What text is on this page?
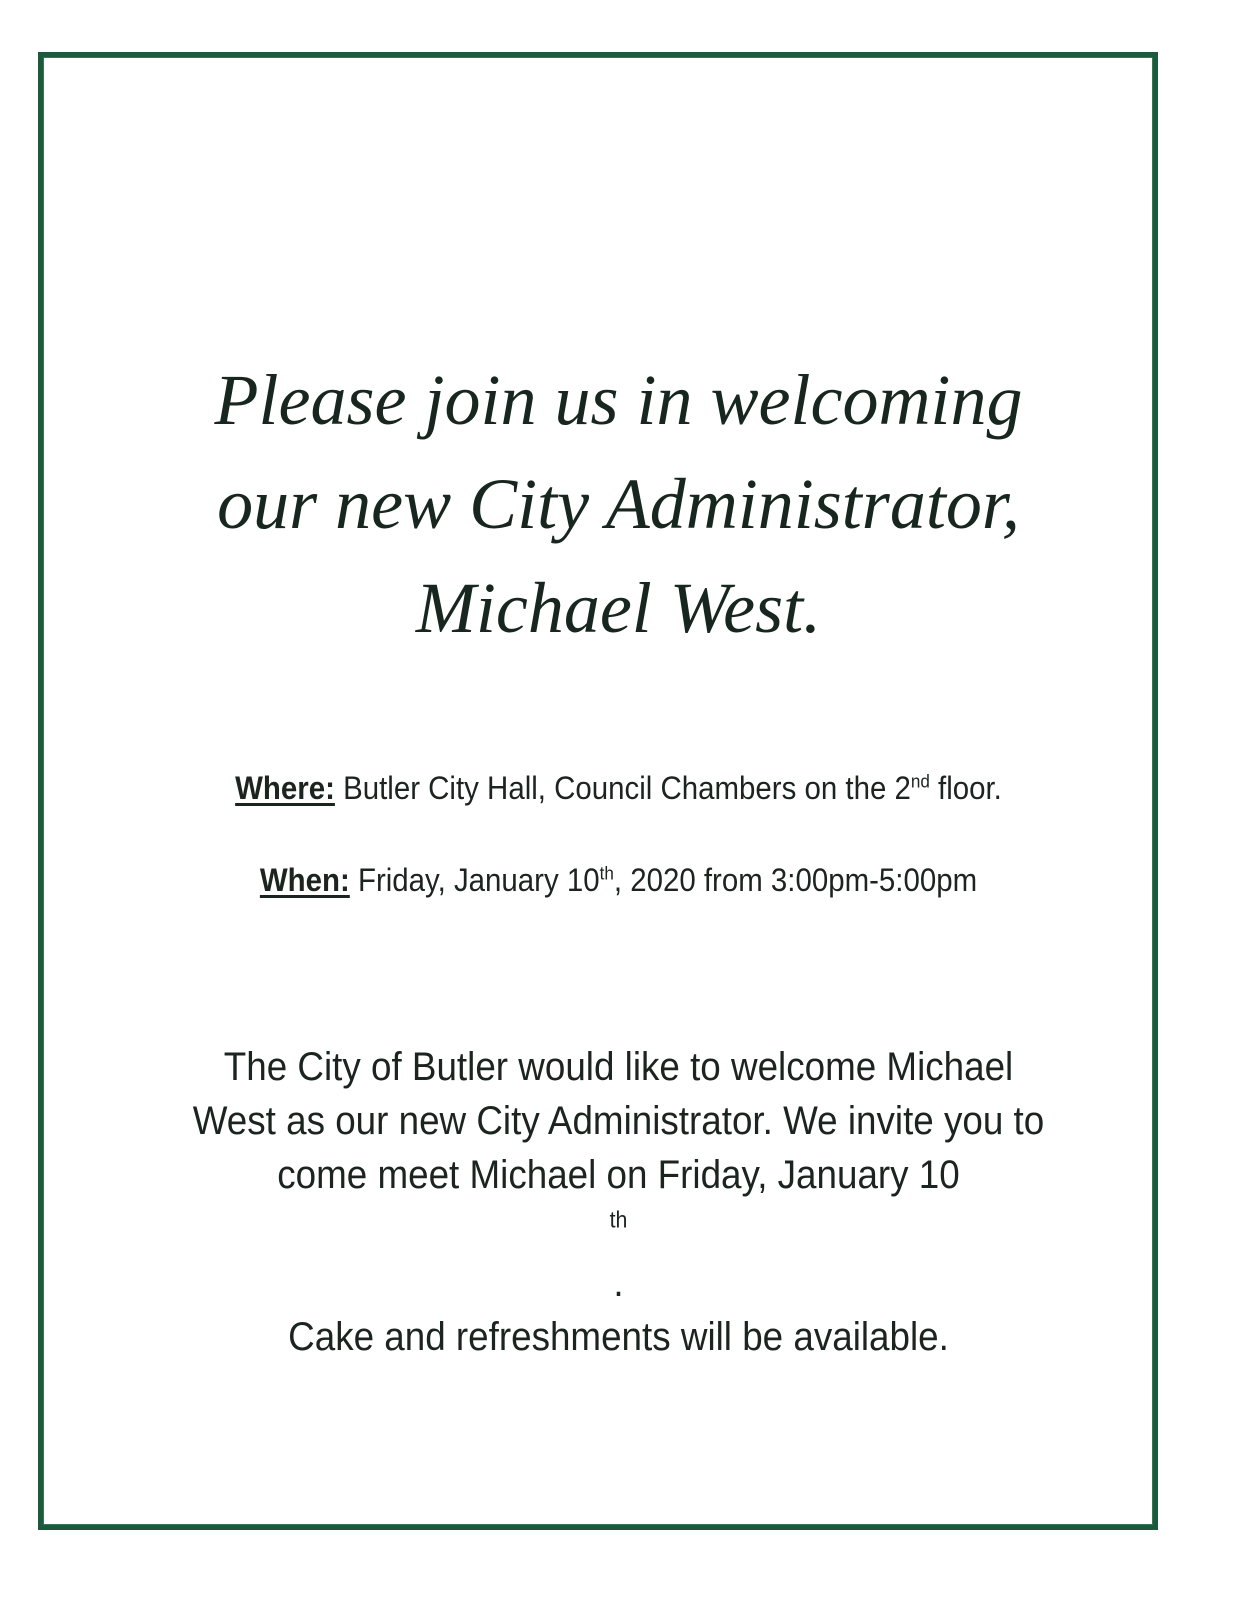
Please join us in welcoming
our new City Administrator,
Michael West.

Where: Butler City Hall, Council Chambers on the 2nd floor.

When: Friday, January 10th, 2020 from 3:00pm-5:00pm

The City of Butler would like to welcome Michael
West as our new City Administrator. We invite you to
come meet Michael on Friday, January 10
$^{th}$
.
Cake and refreshments will be available.
